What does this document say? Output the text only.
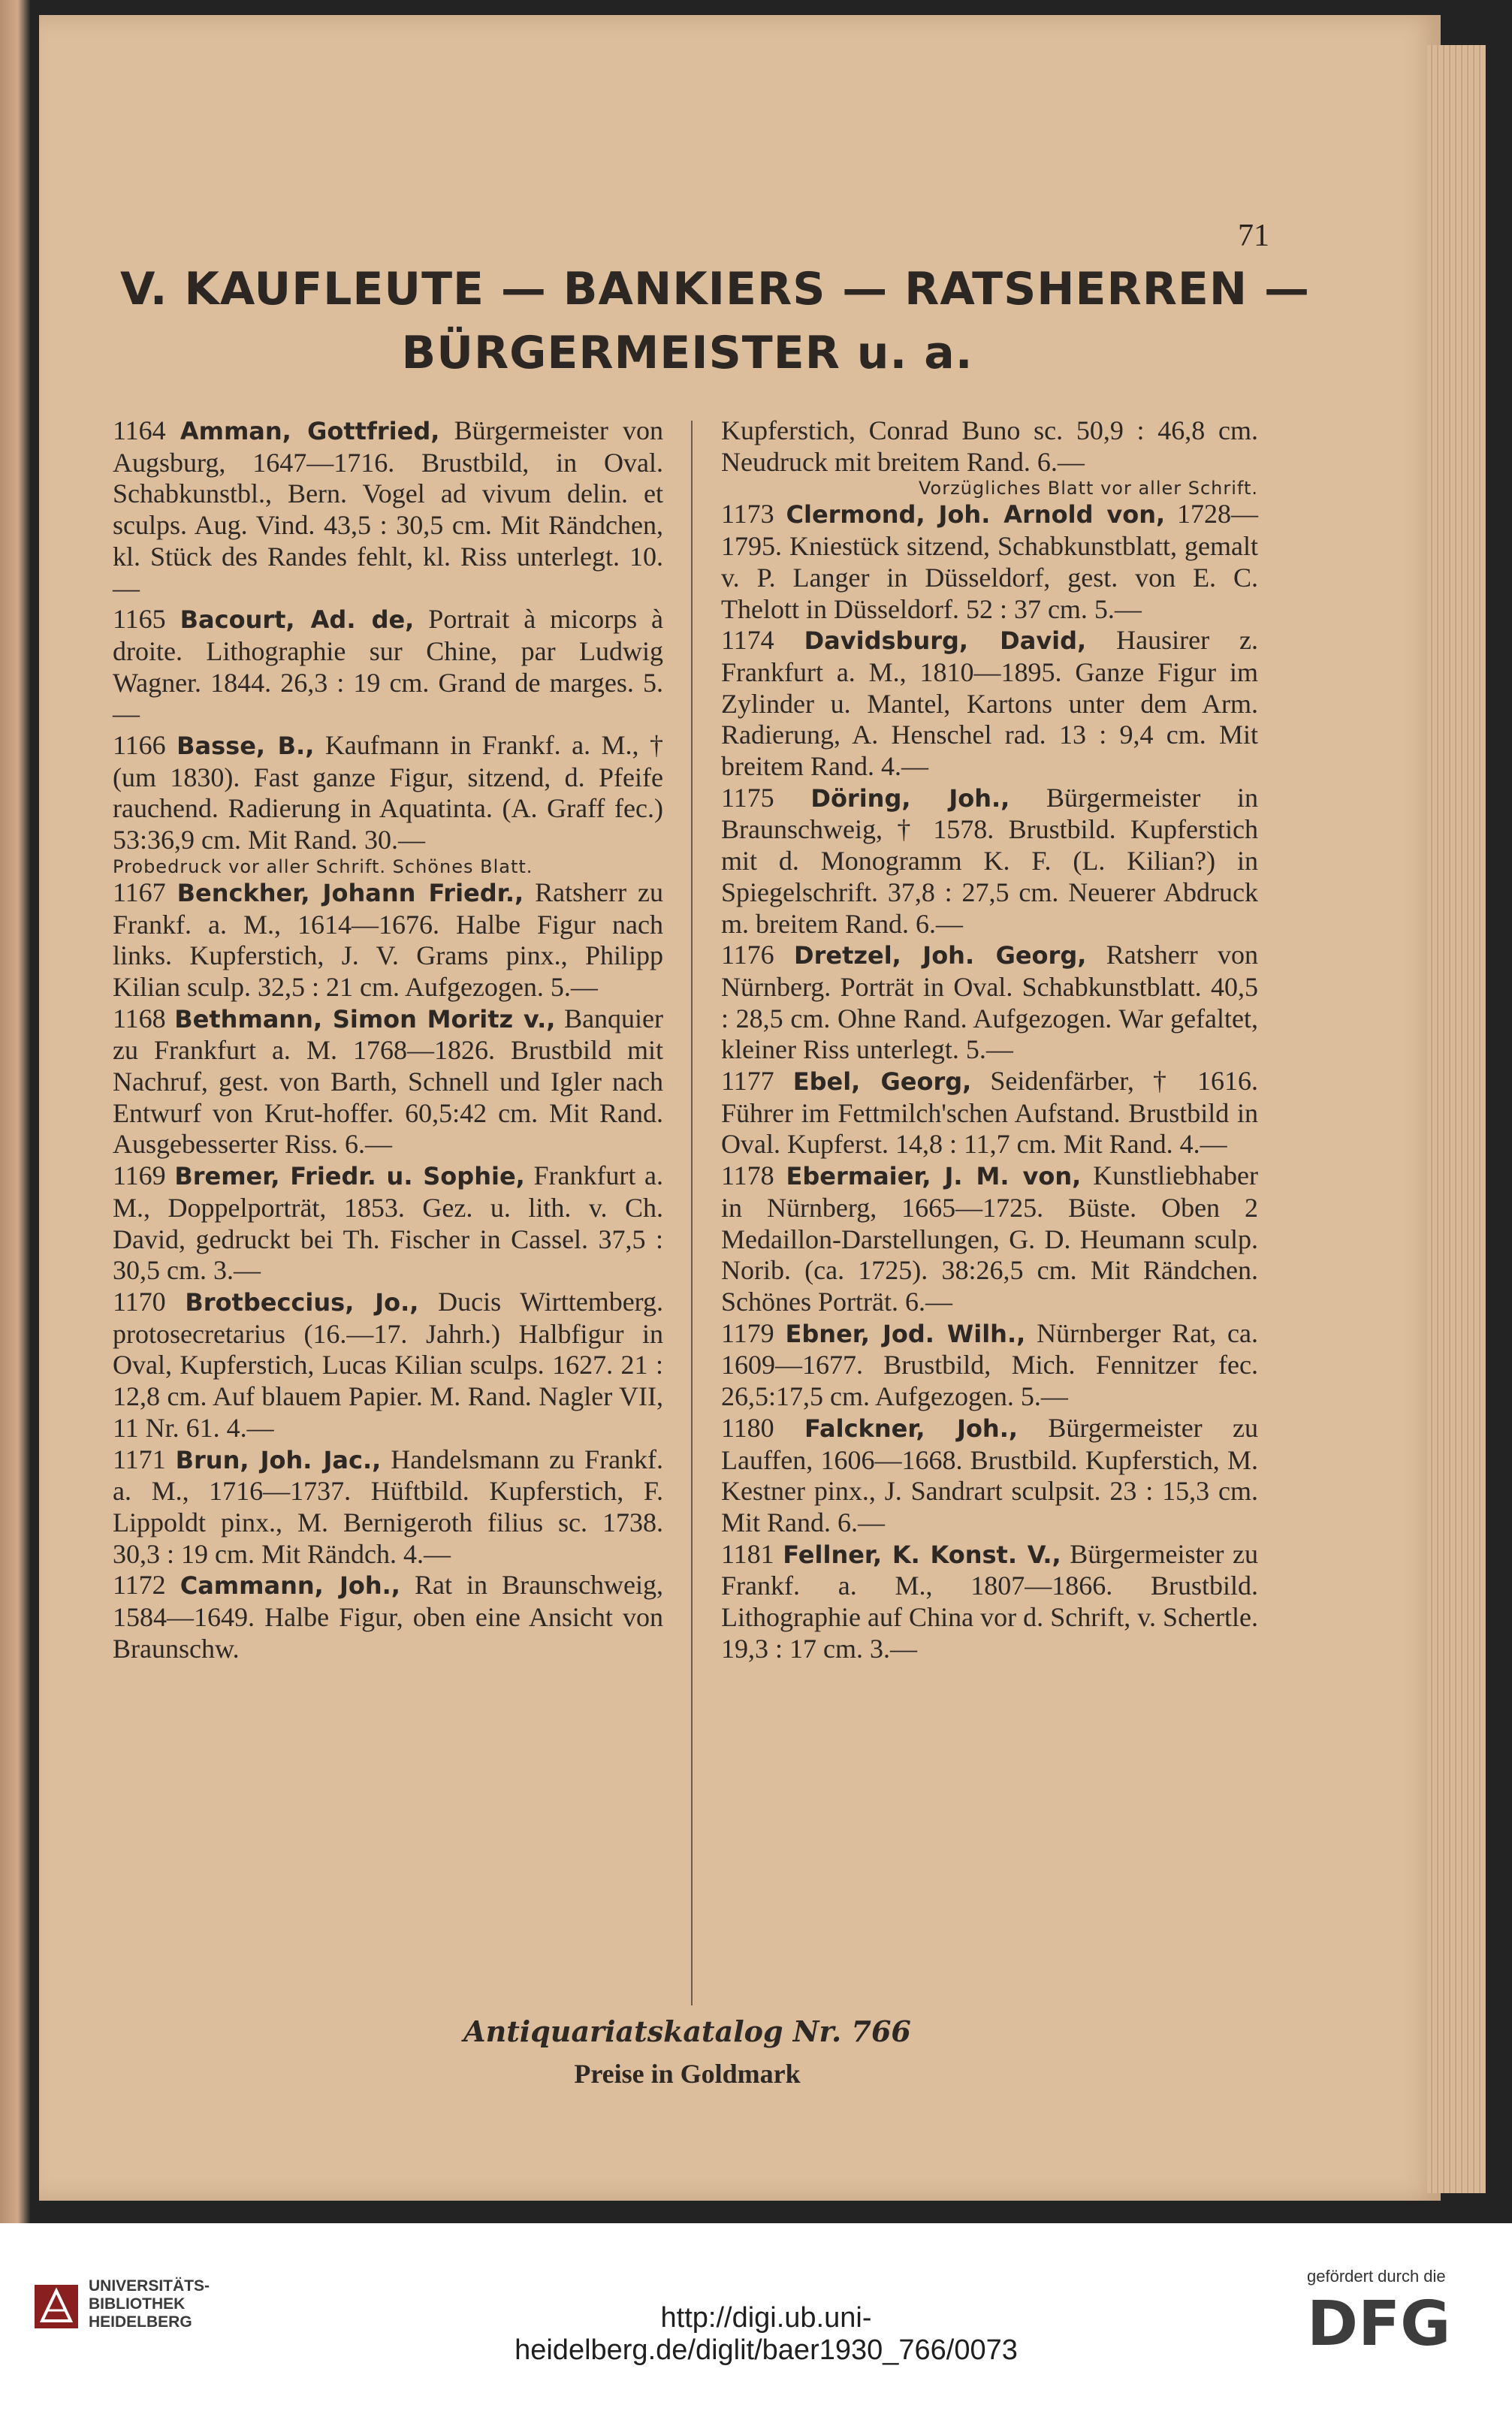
71
V. KAUFLEUTE — BANKIERS — RATSHERREN —
BÜRGERMEISTER u. a.

1164 Amman, Gottfried, Bürgermeister von Augsburg, 1647—1716. Brustbild, in Oval. Schabkunstbl., Bern. Vogel ad vivum delin. et sculps. Aug. Vind. 43,5 : 30,5 cm. Mit Rändchen, kl. Stück des Randes fehlt, kl. Riss unterlegt. 10.—

1165 Bacourt, Ad. de, Portrait à micorps à droite. Lithographie sur Chine, par Ludwig Wagner. 1844. 26,3 : 19 cm. Grand de marges. 5.—

1166 Basse, B., Kaufmann in Frankf. a. M., † (um 1830). Fast ganze Figur, sitzend, d. Pfeife rauchend. Radierung in Aquatinta. (A. Graff fec.) 53:36,9 cm. Mit Rand. 30.—

Probedruck vor aller Schrift. Schönes Blatt.

1167 Benckher, Johann Friedr., Ratsherr zu Frankf. a. M., 1614—1676. Halbe Figur nach links. Kupferstich, J. V. Grams pinx., Philipp Kilian sculp. 32,5 : 21 cm. Aufgezogen. 5.—

1168 Bethmann, Simon Moritz v., Banquier zu Frankfurt a. M. 1768—1826. Brustbild mit Nachruf, gest. von Barth, Schnell und Igler nach Entwurf von Krut-hoffer. 60,5:42 cm. Mit Rand. Ausgebesserter Riss. 6.—

1169 Bremer, Friedr. u. Sophie, Frankfurt a. M., Doppelporträt, 1853. Gez. u. lith. v. Ch. David, gedruckt bei Th. Fischer in Cassel. 37,5 : 30,5 cm. 3.—

1170 Brotbeccius, Jo., Ducis Wirttemberg. protosecretarius (16.—17. Jahrh.) Halbfigur in Oval, Kupferstich, Lucas Kilian sculps. 1627. 21 : 12,8 cm. Auf blauem Papier. M. Rand. Nagler VII, 11 Nr. 61. 4.—

1171 Brun, Joh. Jac., Handelsmann zu Frankf. a. M., 1716—1737. Hüftbild. Kupferstich, F. Lippoldt pinx., M. Bernigeroth filius sc. 1738. 30,3 : 19 cm. Mit Rändch. 4.—

1172 Cammann, Joh., Rat in Braunschweig, 1584—1649. Halbe Figur, oben eine Ansicht von Braunschw.

Kupferstich, Conrad Buno sc. 50,9 : 46,8 cm. Neudruck mit breitem Rand. 6.—

Vorzügliches Blatt vor aller Schrift.

1173 Clermond, Joh. Arnold von, 1728—1795. Kniestück sitzend, Schabkunstblatt, gemalt v. P. Langer in Düsseldorf, gest. von E. C. Thelott in Düsseldorf. 52 : 37 cm. 5.—

1174 Davidsburg, David, Hausirer z. Frankfurt a. M., 1810—1895. Ganze Figur im Zylinder u. Mantel, Kartons unter dem Arm. Radierung, A. Henschel rad. 13 : 9,4 cm. Mit breitem Rand. 4.—

1175 Döring, Joh., Bürgermeister in Braunschweig, † 1578. Brustbild. Kupferstich mit d. Monogramm K. F. (L. Kilian?) in Spiegelschrift. 37,8 : 27,5 cm. Neuerer Abdruck m. breitem Rand. 6.—

1176 Dretzel, Joh. Georg, Ratsherr von Nürnberg. Porträt in Oval. Schabkunstblatt. 40,5 : 28,5 cm. Ohne Rand. Aufgezogen. War gefaltet, kleiner Riss unterlegt. 5.—

1177 Ebel, Georg, Seidenfärber, † 1616. Führer im Fettmilch'schen Aufstand. Brustbild in Oval. Kupferst. 14,8 : 11,7 cm. Mit Rand. 4.—

1178 Ebermaier, J. M. von, Kunstliebhaber in Nürnberg, 1665—1725. Büste. Oben 2 Medaillon-Darstellungen, G. D. Heumann sculp. Norib. (ca. 1725). 38:26,5 cm. Mit Rändchen. Schönes Porträt. 6.—

1179 Ebner, Jod. Wilh., Nürnberger Rat, ca. 1609—1677. Brustbild, Mich. Fennitzer fec. 26,5:17,5 cm. Aufgezogen. 5.—

1180 Falckner, Joh., Bürgermeister zu Lauffen, 1606—1668. Brustbild. Kupferstich, M. Kestner pinx., J. Sandrart sculpsit. 23 : 15,3 cm. Mit Rand. 6.—

1181 Fellner, K. Konst. V., Bürgermeister zu Frankf. a. M., 1807—1866. Brustbild. Lithographie auf China vor d. Schrift, v. Schertle. 19,3 : 17 cm. 3.—

Antiquariatskatalog Nr. 766
Preise in Goldmark
UNIVERSITÄTS-
BIBLIOTHEK
HEIDELBERG	http://digi.ub.uni-heidelberg.de/diglit/baer1930_766/0073
gefördert durch die
DFG
